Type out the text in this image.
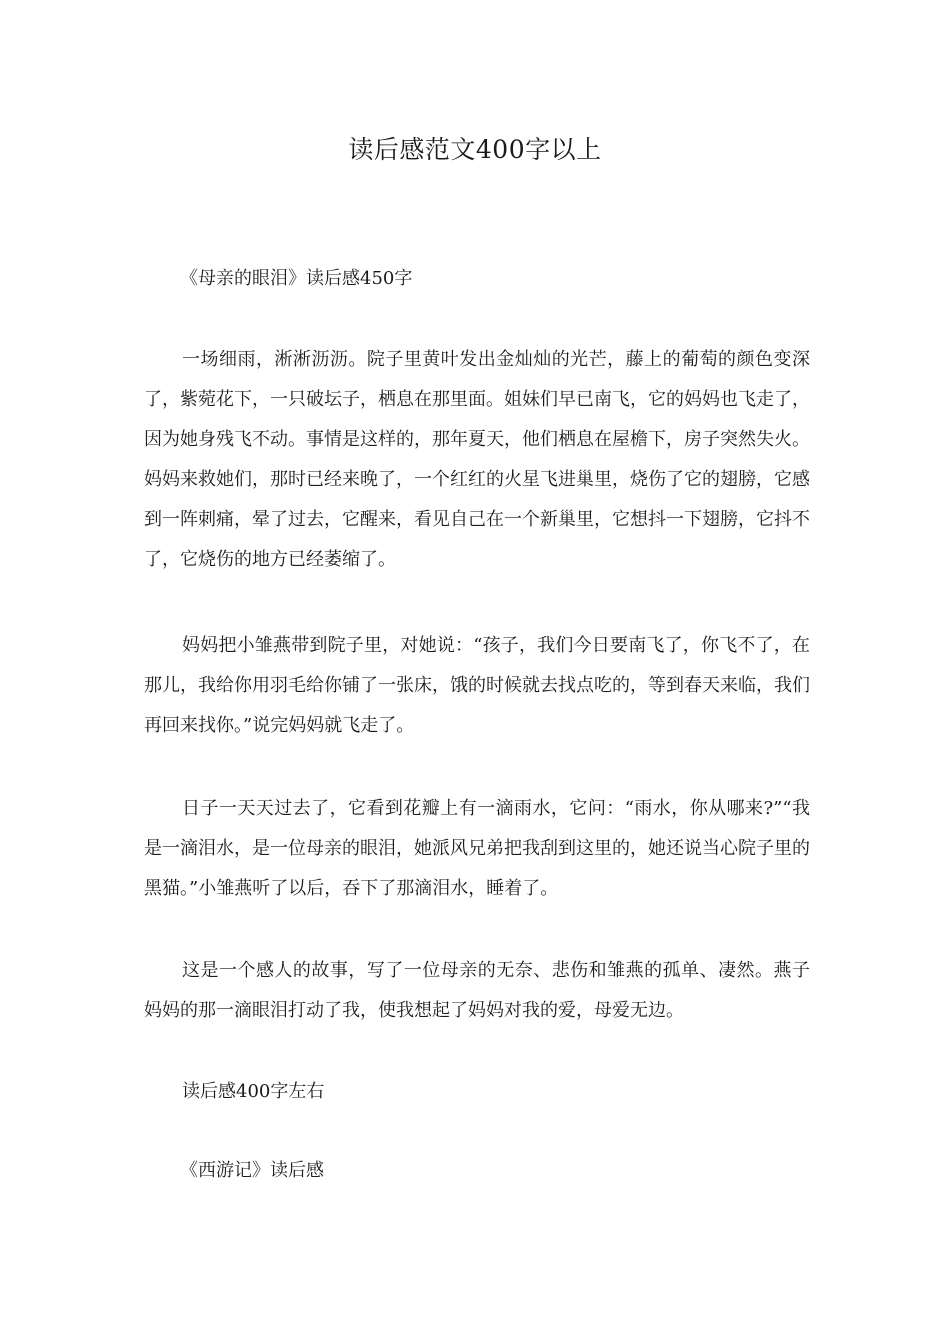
读后感范文400字以上
《母亲的眼泪》读后感450字

一场细雨，淅淅沥沥。院子里黄叶发出金灿灿的光芒，藤上的葡萄的颜色变深了，紫菀花下，一只破坛子，栖息在那里面。姐妹们早已南飞，它的妈妈也飞走了，因为她身残飞不动。事情是这样的，那年夏天，他们栖息在屋檐下，房子突然失火。妈妈来救她们，那时已经来晚了，一个红红的火星飞进巢里，烧伤了它的翅膀，它感到一阵刺痛，晕了过去，它醒来，看见自己在一个新巢里，它想抖一下翅膀，它抖不了，它烧伤的地方已经萎缩了。

妈妈把小雏燕带到院子里，对她说：“孩子，我们今日要南飞了，你飞不了，在那儿，我给你用羽毛给你铺了一张床，饿的时候就去找点吃的，等到春天来临，我们再回来找你。”说完妈妈就飞走了。

日子一天天过去了，它看到花瓣上有一滴雨水，它问：“雨水，你从哪来?”“我是一滴泪水，是一位母亲的眼泪，她派风兄弟把我刮到这里的，她还说当心院子里的黑猫。”小雏燕听了以后，吞下了那滴泪水，睡着了。

这是一个感人的故事，写了一位母亲的无奈、悲伤和雏燕的孤单、凄然。燕子妈妈的那一滴眼泪打动了我，使我想起了妈妈对我的爱，母爱无边。

读后感400字左右
《西游记》读后感
